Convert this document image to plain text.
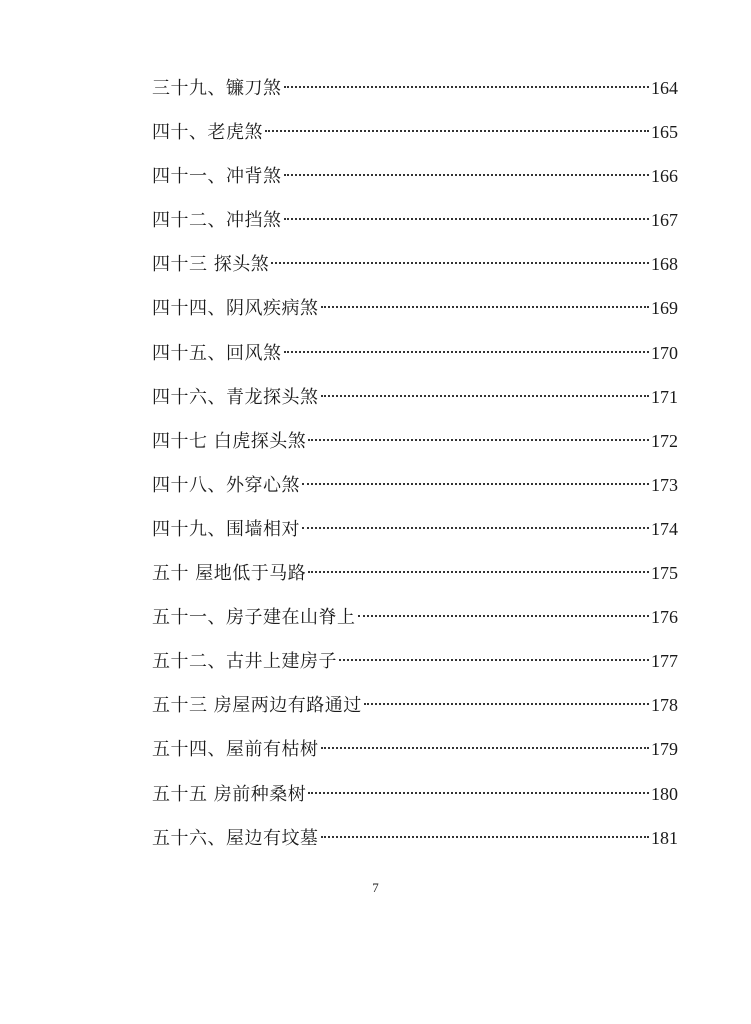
三十九、镰刀煞	164
四十、老虎煞	165
四十一、冲背煞	166
四十二、冲挡煞	167
四十三 探头煞	168
四十四、阴风疾病煞	169
四十五、回风煞	170
四十六、青龙探头煞	171
四十七 白虎探头煞	172
四十八、外穿心煞	173
四十九、围墙相对	174
五十 屋地低于马路	175
五十一、房子建在山脊上	176
五十二、古井上建房子	177
五十三 房屋两边有路通过	178
五十四、屋前有枯树	179
五十五 房前种桑树	180
五十六、屋边有坟墓	181
7
